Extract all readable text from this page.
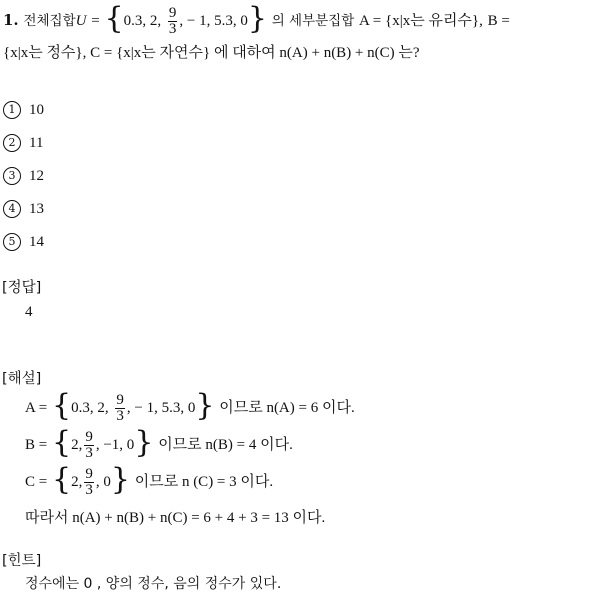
1. 전체집합U = {0.3, 2, $\frac{9}{3}$ , − 1, 5.3, 0} 의 세부분집합 A = {x|x는 유리수}, B =
{x|x는 정수}, C = {x|x는 자연수} 에 대하여 n(A) + n(B) + n(C) 는?
1 10
2 11
3 12
4 13
5 14
[정답]
4
[해설]
A = {0.3, 2, $\frac{9}{3}$ , − 1, 5.3, 0} 이므로 n(A) = 6 이다.
B = {2, $\frac{9}{3}$ , −1, 0} 이므로 n(B) = 4 이다.
C = {2, $\frac{9}{3}$ , 0} 이므로 n (C) = 3 이다.
따라서 n(A) + n(B) + n(C) = 6 + 4 + 3 = 13 이다.
[힌트]
정수에는 0 , 양의 정수, 음의 정수가 있다.
